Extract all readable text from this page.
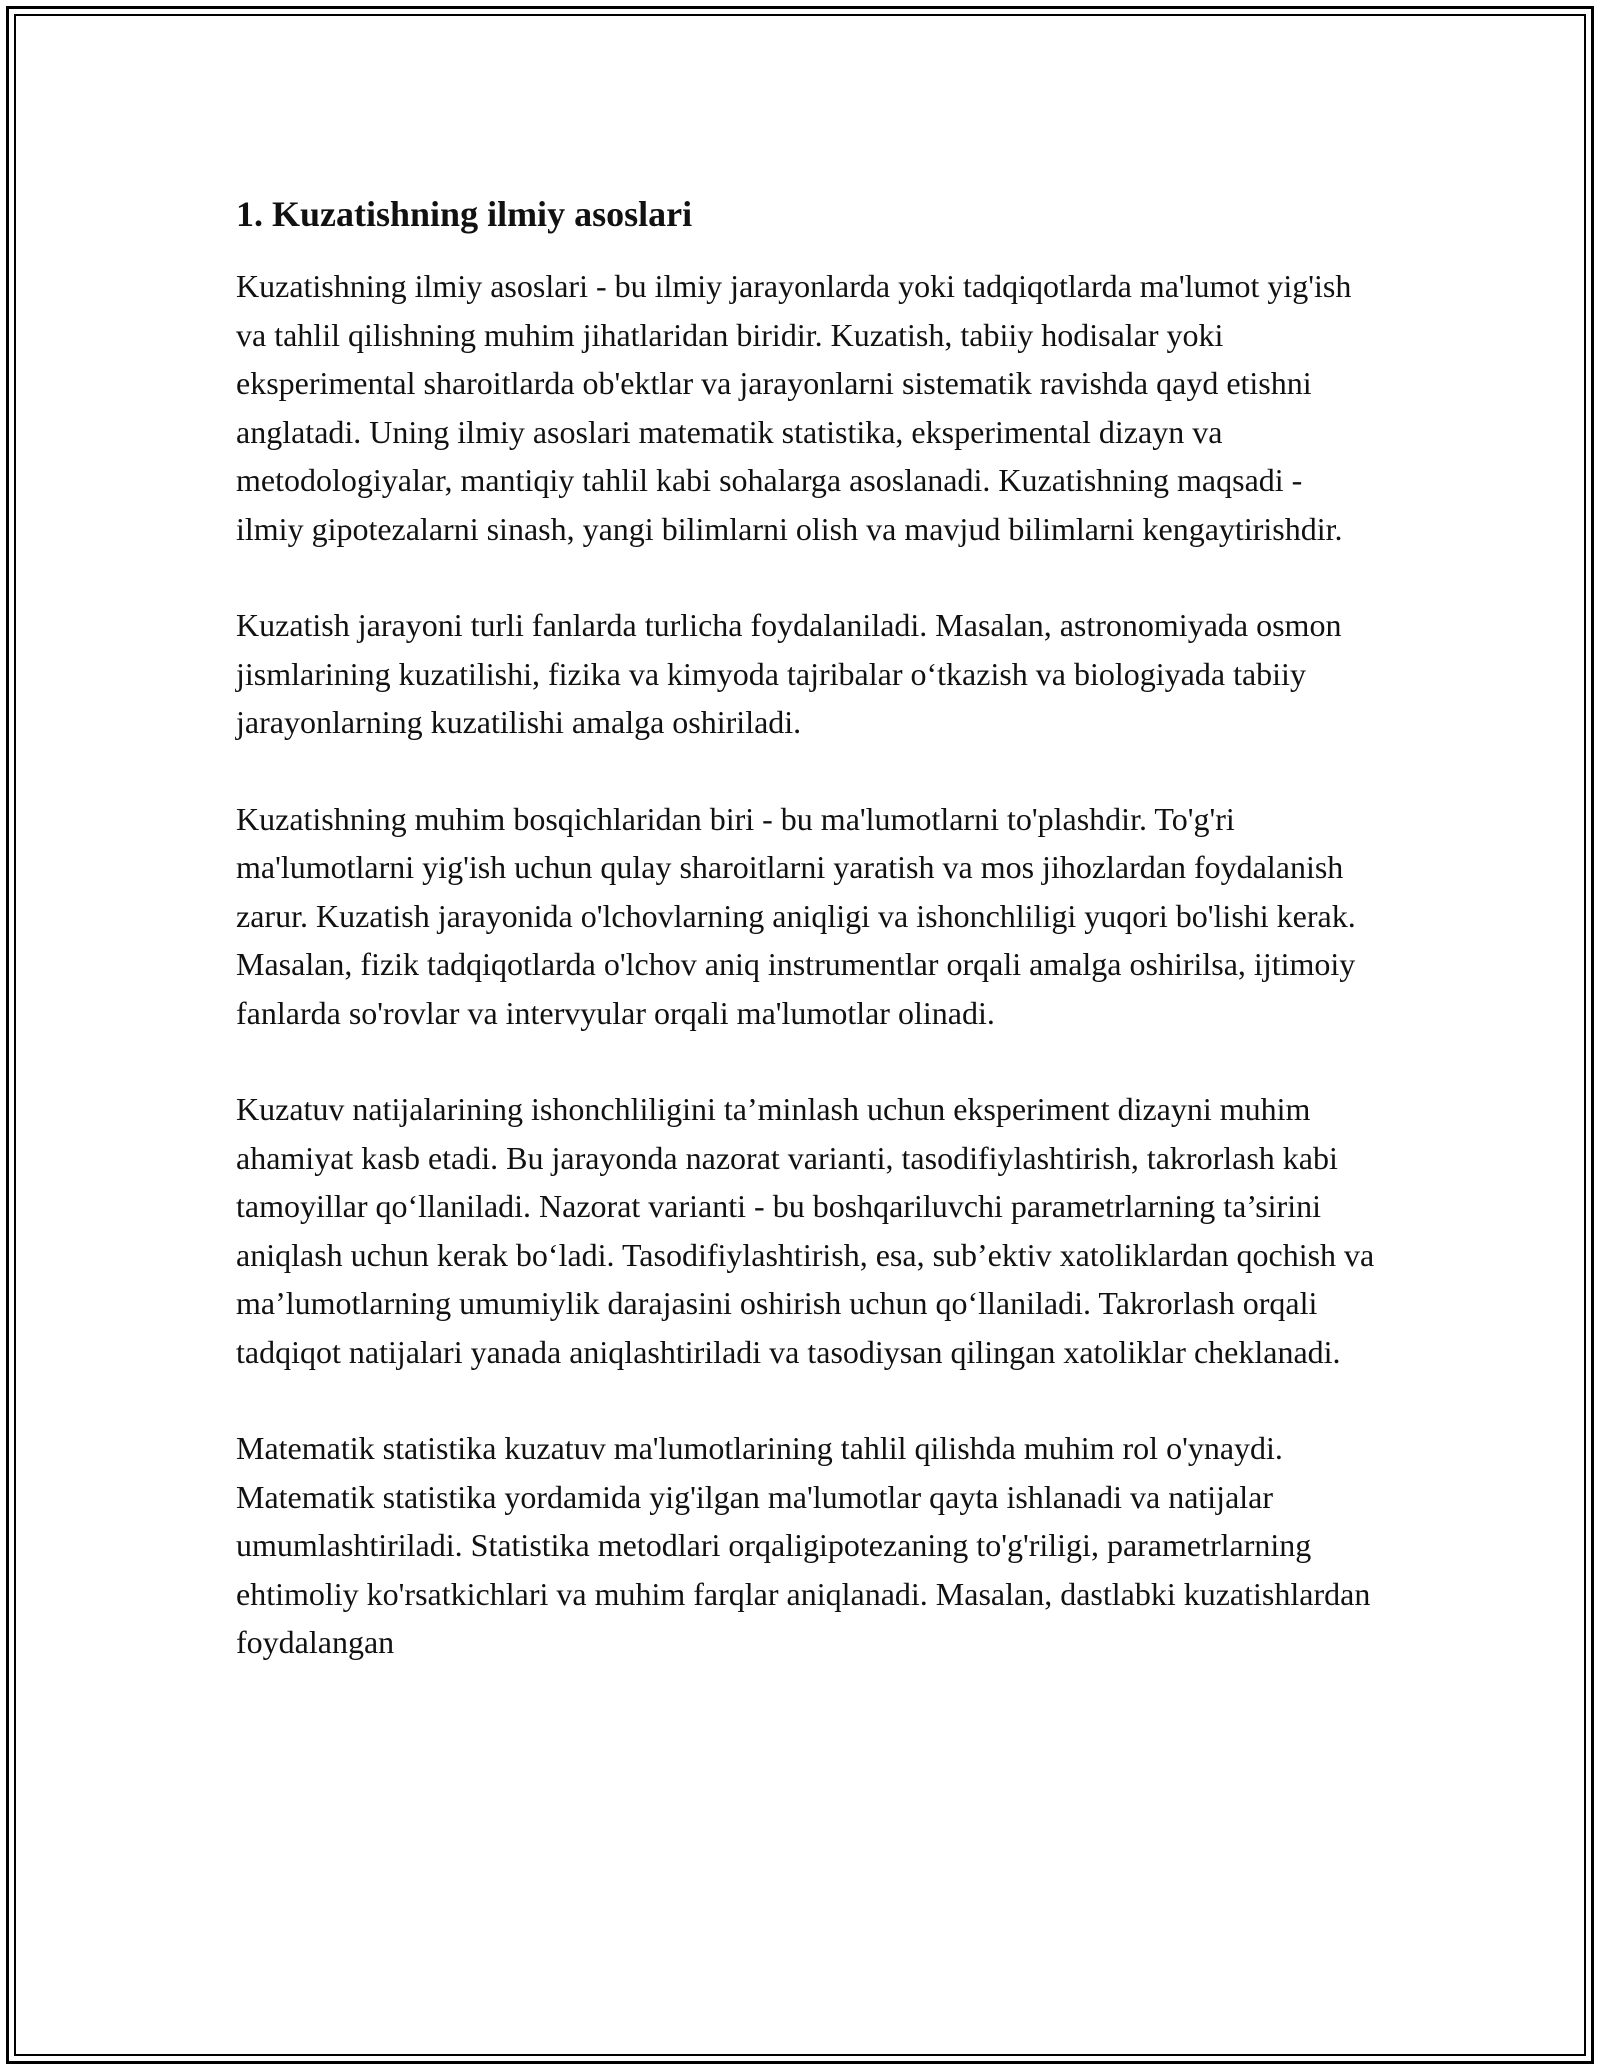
1. Kuzatishning ilmiy asoslari

Kuzatishning ilmiy asoslari - bu ilmiy jarayonlarda yoki tadqiqotlarda ma'lumot yig'ish va tahlil qilishning muhim jihatlaridan biridir. Kuzatish, tabiiy hodisalar yoki eksperimental sharoitlarda ob'ektlar va jarayonlarni sistematik ravishda qayd etishni anglatadi. Uning ilmiy asoslari matematik statistika, eksperimental dizayn va metodologiyalar, mantiqiy tahlil kabi sohalarga asoslanadi. Kuzatishning maqsadi - ilmiy gipotezalarni sinash, yangi bilimlarni olish va mavjud bilimlarni kengaytirishdir.

Kuzatish jarayoni turli fanlarda turlicha foydalaniladi. Masalan, astronomiyada osmon jismlarining kuzatilishi, fizika va kimyoda tajribalar o‘tkazish va biologiyada tabiiy jarayonlarning kuzatilishi amalga oshiriladi.

Kuzatishning muhim bosqichlaridan biri - bu ma'lumotlarni to'plashdir. To'g'ri ma'lumotlarni yig'ish uchun qulay sharoitlarni yaratish va mos jihozlardan foydalanish zarur. Kuzatish jarayonida o'lchovlarning aniqligi va ishonchliligi yuqori bo'lishi kerak. Masalan, fizik tadqiqotlarda o'lchov aniq instrumentlar orqali amalga oshirilsa, ijtimoiy fanlarda so'rovlar va intervyular orqali ma'lumotlar olinadi.

Kuzatuv natijalarining ishonchliligini ta’minlash uchun eksperiment dizayni muhim ahamiyat kasb etadi. Bu jarayonda nazorat varianti, tasodifiylashtirish, takrorlash kabi tamoyillar qo‘llaniladi. Nazorat varianti - bu boshqariluvchi parametrlarning ta’sirini aniqlash uchun kerak bo‘ladi. Tasodifiylashtirish, esa, sub’ektiv xatoliklardan qochish va ma’lumotlarning umumiylik darajasini oshirish uchun qo‘llaniladi. Takrorlash orqali tadqiqot natijalari yanada aniqlashtiriladi va tasodiysan qilingan xatoliklar cheklanadi.

Matematik statistika kuzatuv ma'lumotlarining tahlil qilishda muhim rol o'ynaydi. Matematik statistika yordamida yig'ilgan ma'lumotlar qayta ishlanadi va natijalar umumlashtiriladi. Statistika metodlari orqaligipotezaning to'g'riligi, parametrlarning ehtimoliy ko'rsatkichlari va muhim farqlar aniqlanadi. Masalan, dastlabki kuzatishlardan foydalangan
